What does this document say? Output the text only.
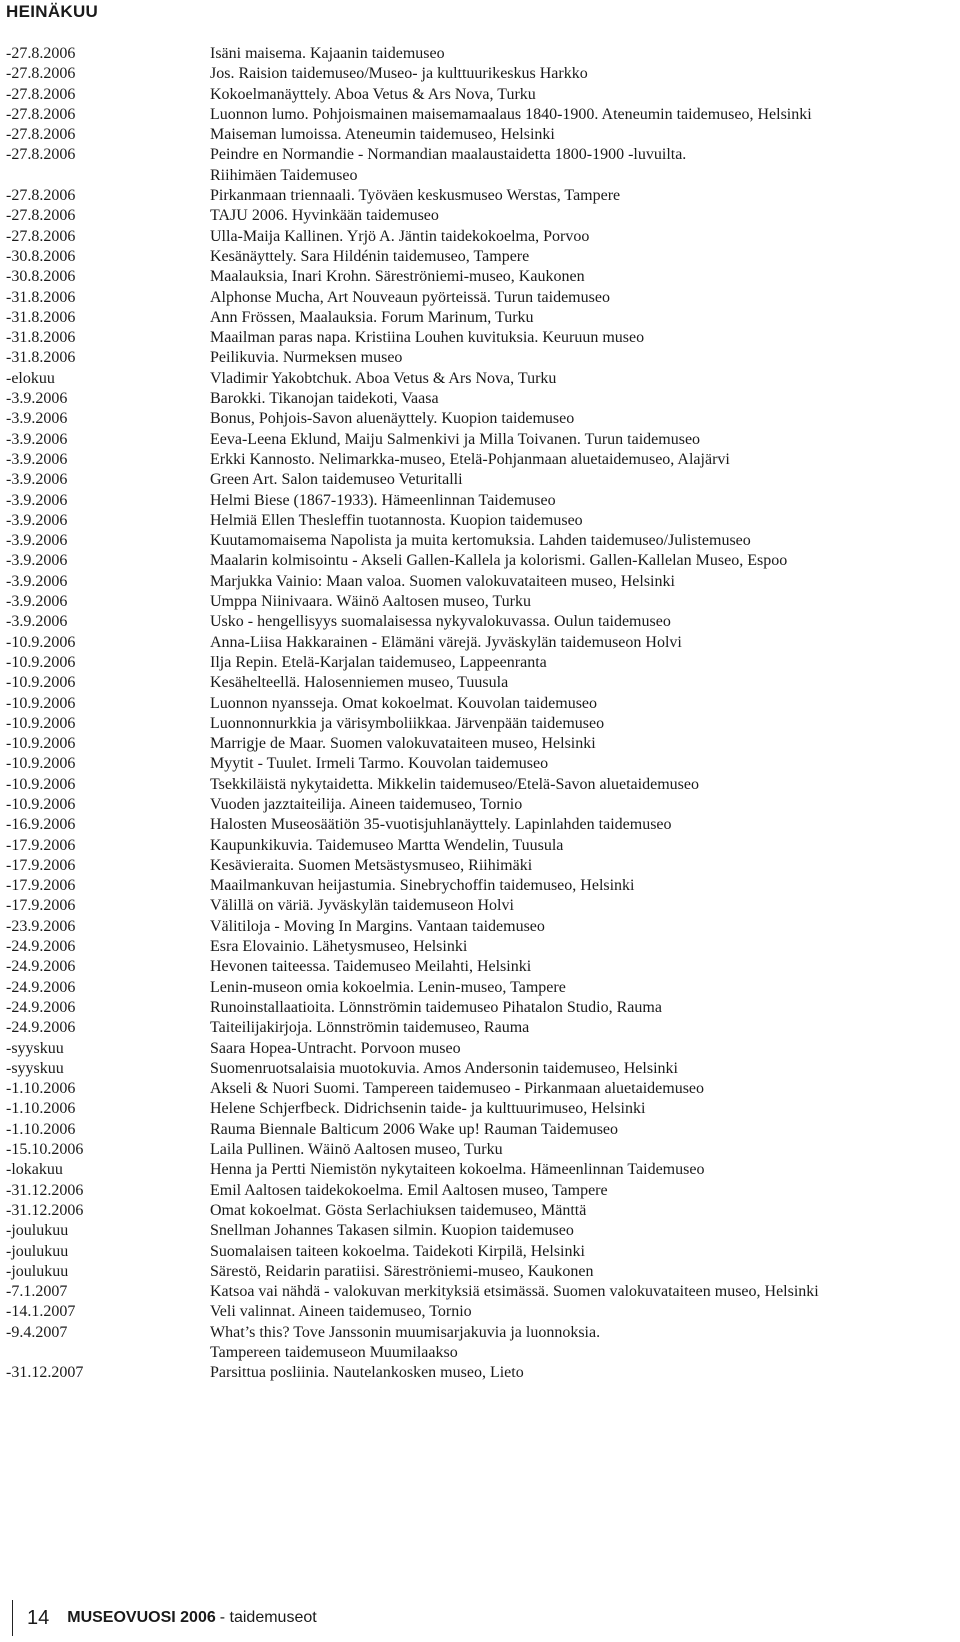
HEINÄKUU
-27.8.2006	Isäni maisema. Kajaanin taidemuseo
-27.8.2006	Jos. Raision taidemuseo/Museo- ja kulttuurikeskus Harkko
-27.8.2006	Kokoelmanäyttely. Aboa Vetus & Ars Nova, Turku
-27.8.2006	Luonnon lumo. Pohjoismainen maisemamaalaus 1840-1900. Ateneumin taidemuseo, Helsinki
-27.8.2006	Maiseman lumoissa. Ateneumin taidemuseo, Helsinki
-27.8.2006	Peindre en Normandie - Normandian maalaustaidetta 1800-1900 -luvuilta.
Riihimäen Taidemuseo
-27.8.2006	Pirkanmaan triennaali. Työväen keskusmuseo Werstas, Tampere
-27.8.2006	TAJU 2006. Hyvinkään taidemuseo
-27.8.2006	Ulla-Maija Kallinen. Yrjö A. Jäntin taidekokoelma, Porvoo
-30.8.2006	Kesänäyttely. Sara Hildénin taidemuseo, Tampere
-30.8.2006	Maalauksia, Inari Krohn. Säreströniemi-museo, Kaukonen
-31.8.2006	Alphonse Mucha, Art Nouveaun pyörteissä. Turun taidemuseo
-31.8.2006	Ann Frössen, Maalauksia. Forum Marinum, Turku
-31.8.2006	Maailman paras napa. Kristiina Louhen kuvituksia. Keuruun museo
-31.8.2006	Peilikuvia. Nurmeksen museo
-elokuu	Vladimir Yakobtchuk. Aboa Vetus & Ars Nova, Turku
-3.9.2006	Barokki. Tikanojan taidekoti, Vaasa
-3.9.2006	Bonus, Pohjois-Savon aluenäyttely. Kuopion taidemuseo
-3.9.2006	Eeva-Leena Eklund, Maiju Salmenkivi ja Milla Toivanen. Turun taidemuseo
-3.9.2006	Erkki Kannosto. Nelimarkka-museo, Etelä-Pohjanmaan aluetaidemuseo, Alajärvi
-3.9.2006	Green Art. Salon taidemuseo Veturitalli
-3.9.2006	Helmi Biese (1867-1933). Hämeenlinnan Taidemuseo
-3.9.2006	Helmiä Ellen Thesleffin tuotannosta. Kuopion taidemuseo
-3.9.2006	Kuutamomaisema Napolista ja muita kertomuksia. Lahden taidemuseo/Julistemuseo
-3.9.2006	Maalarin kolmisointu - Akseli Gallen-Kallela ja kolorismi. Gallen-Kallelan Museo, Espoo
-3.9.2006	Marjukka Vainio: Maan valoa. Suomen valokuvataiteen museo, Helsinki
-3.9.2006	Umppa Niinivaara. Wäinö Aaltosen museo, Turku
-3.9.2006	Usko - hengellisyys suomalaisessa nykyvalokuvassa. Oulun taidemuseo
-10.9.2006	Anna-Liisa Hakkarainen - Elämäni värejä. Jyväskylän taidemuseon Holvi
-10.9.2006	Ilja Repin. Etelä-Karjalan taidemuseo, Lappeenranta
-10.9.2006	Kesähelteellä. Halosenniemen museo, Tuusula
-10.9.2006	Luonnon nyansseja. Omat kokoelmat. Kouvolan taidemuseo
-10.9.2006	Luonnonnurkkia ja värisymboliikkaa. Järvenpään taidemuseo
-10.9.2006	Marrigje de Maar. Suomen valokuvataiteen museo, Helsinki
-10.9.2006	Myytit - Tuulet. Irmeli Tarmo. Kouvolan taidemuseo
-10.9.2006	Tsekkiläistä nykytaidetta. Mikkelin taidemuseo/Etelä-Savon aluetaidemuseo
-10.9.2006	Vuoden jazztaiteilija. Aineen taidemuseo, Tornio
-16.9.2006	Halosten Museosäätiön 35-vuotisjuhlanäyttely. Lapinlahden taidemuseo
-17.9.2006	Kaupunkikuvia. Taidemuseo Martta Wendelin, Tuusula
-17.9.2006	Kesävieraita. Suomen Metsästysmuseo, Riihimäki
-17.9.2006	Maailmankuvan heijastumia. Sinebrychoffin taidemuseo, Helsinki
-17.9.2006	Välillä on väriä. Jyväskylän taidemuseon Holvi
-23.9.2006	Välitiloja - Moving In Margins. Vantaan taidemuseo
-24.9.2006	Esra Elovainio. Lähetysmuseo, Helsinki
-24.9.2006	Hevonen taiteessa. Taidemuseo Meilahti, Helsinki
-24.9.2006	Lenin-museon omia kokoelmia. Lenin-museo, Tampere
-24.9.2006	Runoinstallaatioita. Lönnströmin taidemuseo Pihatalon Studio, Rauma
-24.9.2006	Taiteilijakirjoja. Lönnströmin taidemuseo, Rauma
-syyskuu	Saara Hopea-Untracht. Porvoon museo
-syyskuu	Suomenruotsalaisia muotokuvia. Amos Andersonin taidemuseo, Helsinki
-1.10.2006	Akseli & Nuori Suomi. Tampereen taidemuseo - Pirkanmaan aluetaidemuseo
-1.10.2006	Helene Schjerfbeck. Didrichsenin taide- ja kulttuurimuseo, Helsinki
-1.10.2006	Rauma Biennale Balticum 2006 Wake up! Rauman Taidemuseo
-15.10.2006	Laila Pullinen. Wäinö Aaltosen museo, Turku
-lokakuu	Henna ja Pertti Niemistön nykytaiteen kokoelma. Hämeenlinnan Taidemuseo
-31.12.2006	Emil Aaltosen taidekokoelma. Emil Aaltosen museo, Tampere
-31.12.2006	Omat kokoelmat. Gösta Serlachiuksen taidemuseo, Mänttä
-joulukuu	Snellman Johannes Takasen silmin. Kuopion taidemuseo
-joulukuu	Suomalaisen taiteen kokoelma. Taidekoti Kirpilä, Helsinki
-joulukuu	Särestö, Reidarin paratiisi. Säreströniemi-museo, Kaukonen
-7.1.2007	Katsoa vai nähdä - valokuvan merkityksiä etsimässä. Suomen valokuvataiteen museo, Helsinki
-14.1.2007	Veli valinnat. Aineen taidemuseo, Tornio
-9.4.2007	What’s this? Tove Janssonin muumisarjakuvia ja luonnoksia.
Tampereen taidemuseon Muumilaakso
-31.12.2007	Parsittua posliinia. Nautelankosken museo, Lieto
14 MUSEOVUOSI 2006 - taidemuseot
